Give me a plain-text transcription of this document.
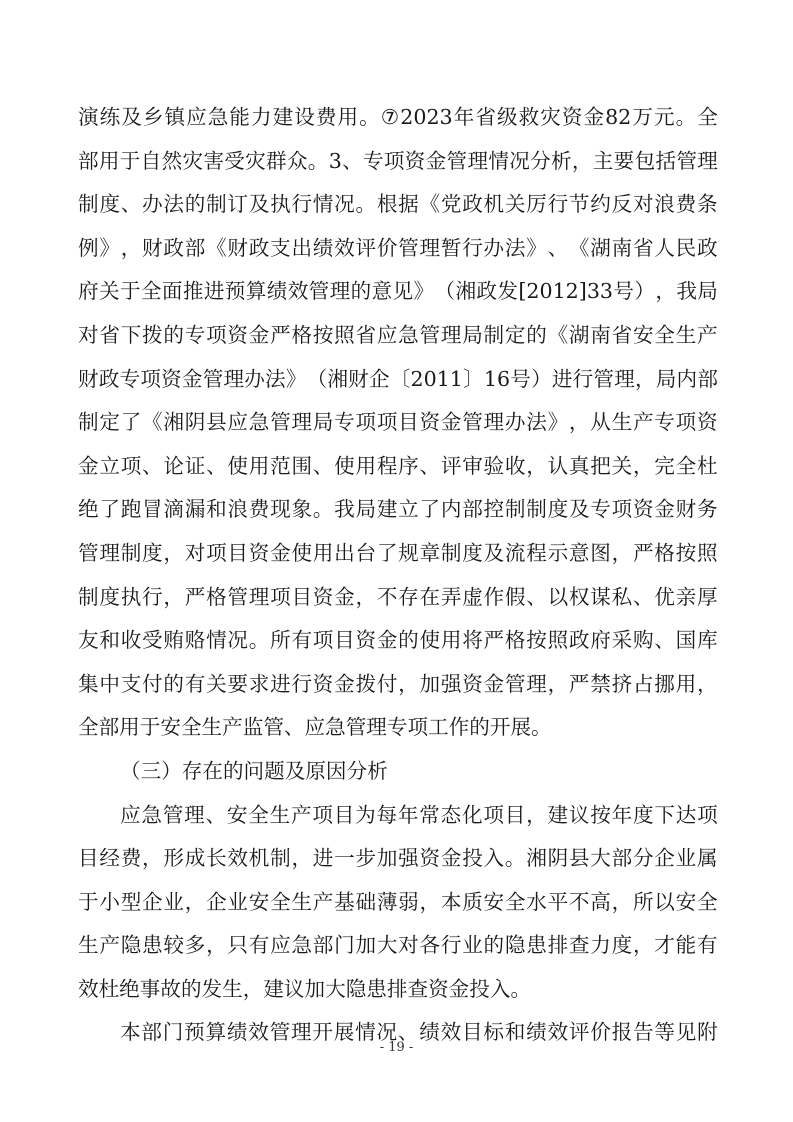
演 练 及 乡 镇 应 急 能 力 建 设 费 用 。 ⑦ 2023 年 省 级 救 灾 资 金 82 万 元 。 全
部 用 于 自 然 灾 害 受 灾 群 众 。 3 、 专 项 资 金 管 理 情 况 分 析 ， 主 要 包 括 管 理
制 度 、 办 法 的 制 订 及 执 行 情 况 。 根 据 《 党 政 机 关 厉 行 节 约 反 对 浪 费 条
例 》 ， 财 政 部 《 财 政 支 出 绩 效 评 价 管 理 暂 行 办 法 》 、 《 湖 南 省 人 民 政
府 关 于 全 面 推 进 预 算 绩 效 管 理 的 意 见 》 （ 湘 政 发 [2012]33 号 ） ， 我 局
对 省 下 拨 的 专 项 资 金 严 格 按 照 省 应 急 管 理 局 制 定 的 《 湖 南 省 安 全 生 产
财 政 专 项 资 金 管 理 办 法 》 （ 湘 财 企 〔 2011 〕 16 号 ） 进 行 管 理 ， 局 内 部
制 定 了 《 湘 阴 县 应 急 管 理 局 专 项 项 目 资 金 管 理 办 法 》 ， 从 生 产 专 项 资
金 立 项 、 论 证 、 使 用 范 围 、 使 用 程 序 、 评 审 验 收 ， 认 真 把 关 ， 完 全 杜
绝 了 跑 冒 滴 漏 和 浪 费 现 象 。 我 局 建 立 了 内 部 控 制 制 度 及 专 项 资 金 财 务
管 理 制 度 ， 对 项 目 资 金 使 用 出 台 了 规 章 制 度 及 流 程 示 意 图 ， 严 格 按 照
制 度 执 行 ， 严 格 管 理 项 目 资 金 ， 不 存 在 弄 虚 作 假 、 以 权 谋 私 、 优 亲 厚
友 和 收 受 贿 赂 情 况 。 所 有 项 目 资 金 的 使 用 将 严 格 按 照 政 府 采 购 、 国 库
集 中 支 付 的 有 关 要 求 进 行 资 金 拨 付 ， 加 强 资 金 管 理 ， 严 禁 挤 占 挪 用 ，
全部用于安全生产监管、应急管理专项工作的开展。
（三）存在的问题及原因分析
应 急 管 理 、 安 全 生 产 项 目 为 每 年 常 态 化 项 目 ， 建 议 按 年 度 下 达 项
目 经 费 ， 形 成 长 效 机 制 ， 进 一 步 加 强 资 金 投 入 。 湘 阴 县 大 部 分 企 业 属
于 小 型 企 业 ， 企 业 安 全 生 产 基 础 薄 弱 ， 本 质 安 全 水 平 不 高 ， 所 以 安 全
生 产 隐 患 较 多 ， 只 有 应 急 部 门 加 大 对 各 行 业 的 隐 患 排 查 力 度 ， 才 能 有
效杜绝事故的发生，建议加大隐患排查资金投入。
本 部 门 预 算 绩 效 管 理 开 展 情 况 、 绩 效 目 标 和 绩 效 评 价 报 告 等 见 附
- 19 -
